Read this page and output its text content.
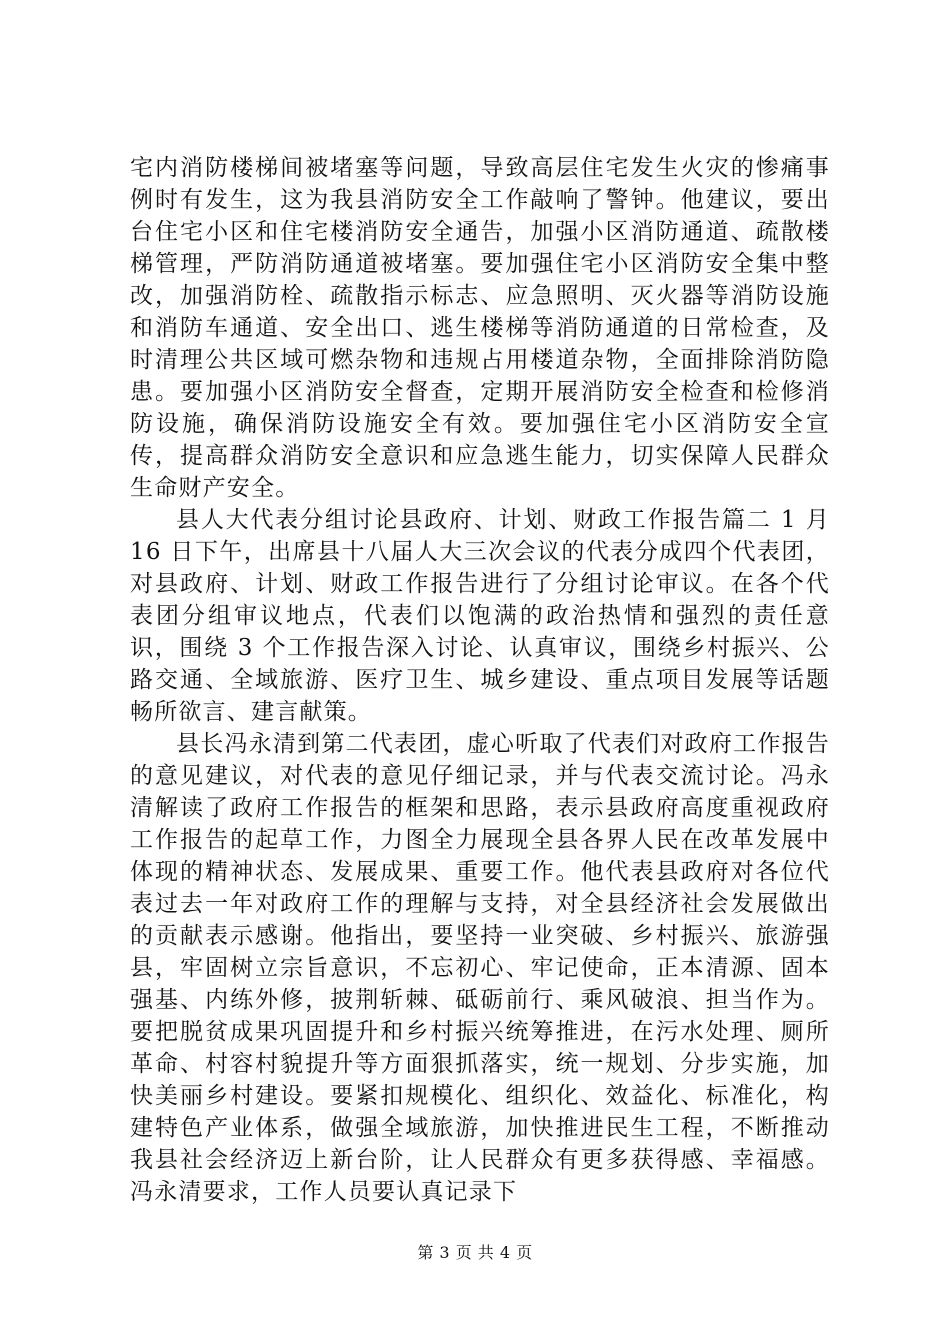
宅内消防楼梯间被堵塞等问题，导致高层住宅发生火灾的惨痛事例时有发生，这为我县消防安全工作敲响了警钟。他建议，要出台住宅小区和住宅楼消防安全通告，加强小区消防通道、疏散楼梯管理，严防消防通道被堵塞。要加强住宅小区消防安全集中整改，加强消防栓、疏散指示标志、应急照明、灭火器等消防设施和消防车通道、安全出口、逃生楼梯等消防通道的日常检查，及时清理公共区域可燃杂物和违规占用楼道杂物，全面排除消防隐患。要加强小区消防安全督查，定期开展消防安全检查和检修消防设施，确保消防设施安全有效。要加强住宅小区消防安全宣传，提高群众消防安全意识和应急逃生能力，切实保障人民群众生命财产安全。

县人大代表分组讨论县政府、计划、财政工作报告篇二 1 月 16 日下午，出席县十八届人大三次会议的代表分成四个代表团，对县政府、计划、财政工作报告进行了分组讨论审议。在各个代表团分组审议地点，代表们以饱满的政治热情和强烈的责任意识，围绕 3 个工作报告深入讨论、认真审议，围绕乡村振兴、公路交通、全域旅游、医疗卫生、城乡建设、重点项目发展等话题畅所欲言、建言献策。

县长冯永清到第二代表团，虚心听取了代表们对政府工作报告的意见建议，对代表的意见仔细记录，并与代表交流讨论。冯永清解读了政府工作报告的框架和思路，表示县政府高度重视政府工作报告的起草工作，力图全力展现全县各界人民在改革发展中体现的精神状态、发展成果、重要工作。他代表县政府对各位代表过去一年对政府工作的理解与支持，对全县经济社会发展做出的贡献表示感谢。他指出，要坚持一业突破、乡村振兴、旅游强县，牢固树立宗旨意识，不忘初心、牢记使命，正本清源、固本强基、内练外修，披荆斩棘、砥砺前行、乘风破浪、担当作为。要把脱贫成果巩固提升和乡村振兴统筹推进，在污水处理、厕所革命、村容村貌提升等方面狠抓落实，统一规划、分步实施，加快美丽乡村建设。要紧扣规模化、组织化、效益化、标准化，构建特色产业体系，做强全域旅游，加快推进民生工程，不断推动我县社会经济迈上新台阶，让人民群众有更多获得感、幸福感。冯永清要求，工作人员要认真记录下

第 3 页 共 4 页
